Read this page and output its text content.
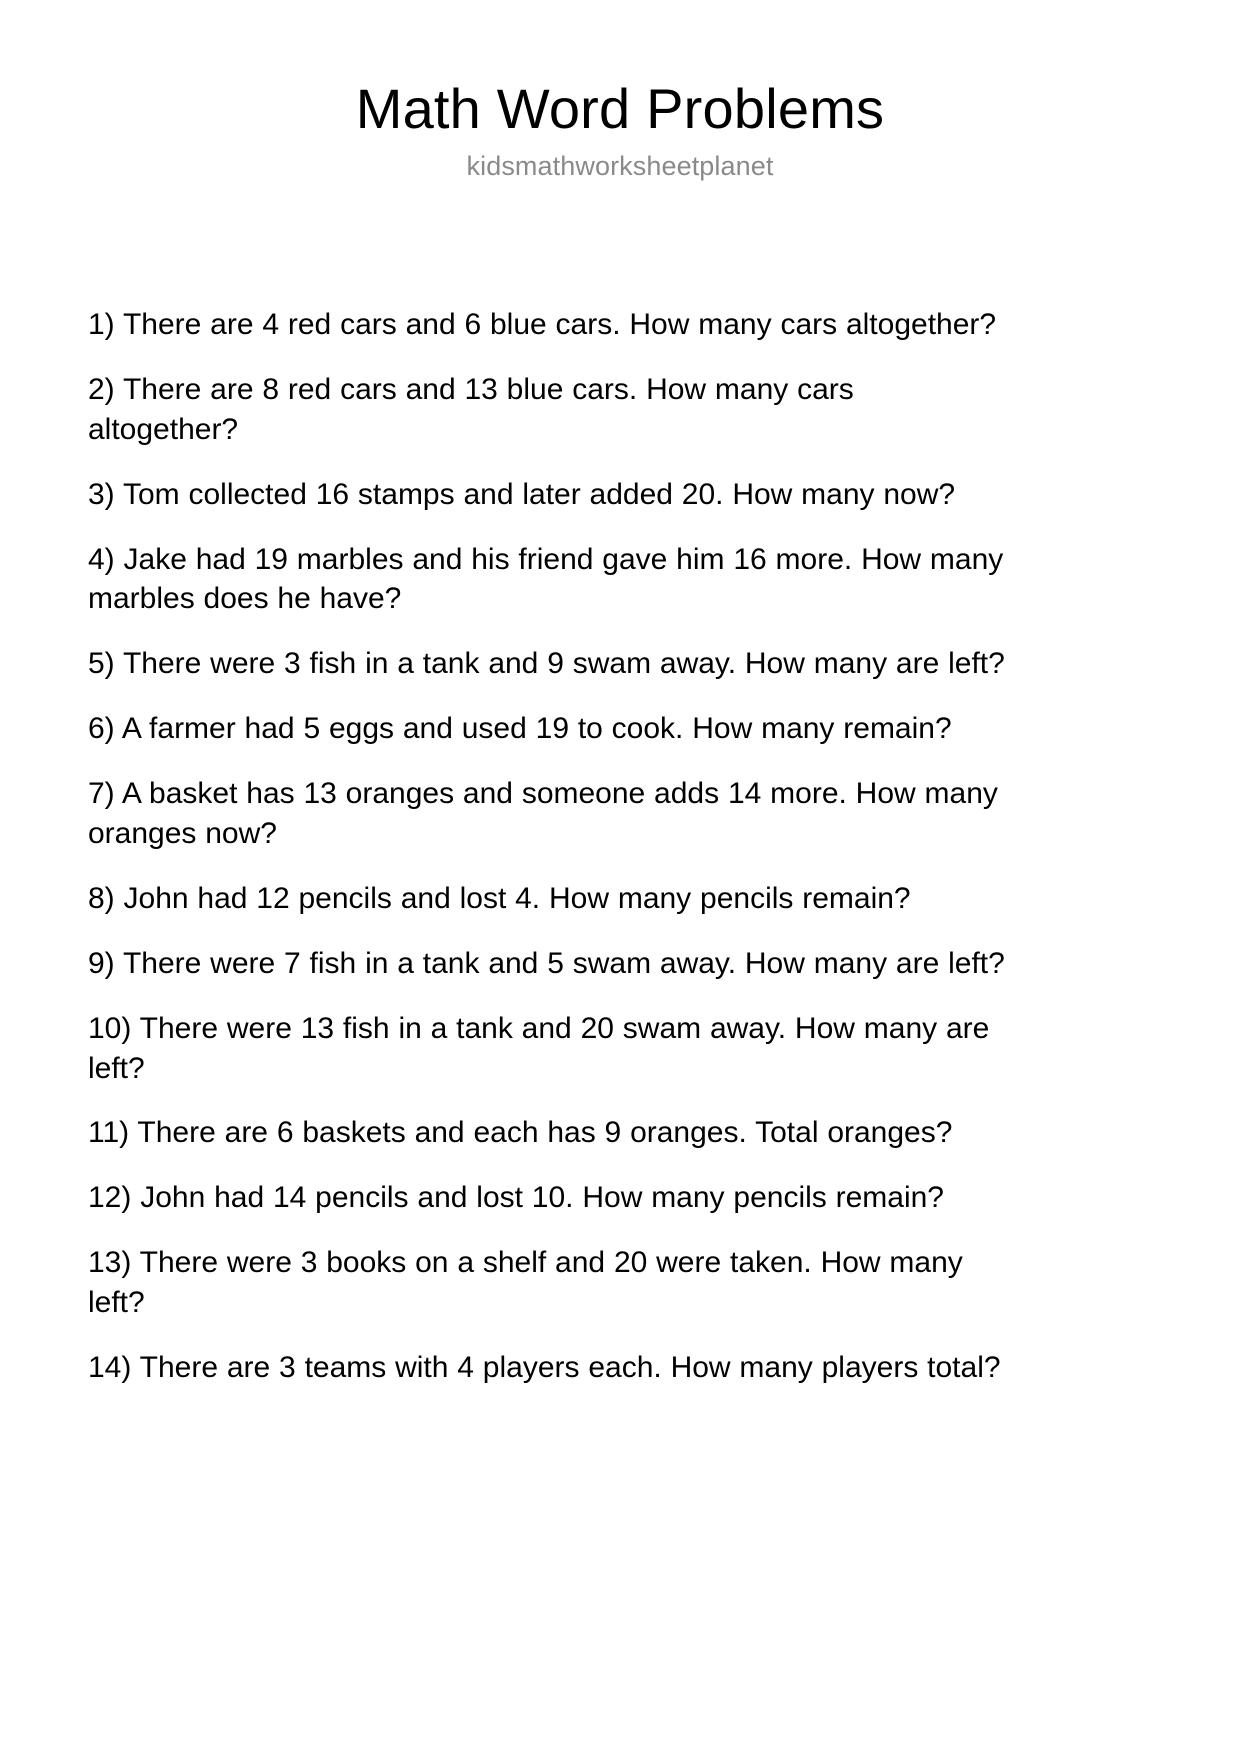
Math Word Problems

kidsmathworksheetplanet

1) There are 4 red cars and 6 blue cars. How many cars altogether?
2) There are 8 red cars and 13 blue cars. How many cars altogether?
3) Tom collected 16 stamps and later added 20. How many now?
4) Jake had 19 marbles and his friend gave him 16 more. How many marbles does he have?
5) There were 3 fish in a tank and 9 swam away. How many are left?
6) A farmer had 5 eggs and used 19 to cook. How many remain?
7) A basket has 13 oranges and someone adds 14 more. How many oranges now?
8) John had 12 pencils and lost 4. How many pencils remain?
9) There were 7 fish in a tank and 5 swam away. How many are left?
10) There were 13 fish in a tank and 20 swam away. How many are left?
11) There are 6 baskets and each has 9 oranges. Total oranges?
12) John had 14 pencils and lost 10. How many pencils remain?
13) There were 3 books on a shelf and 20 were taken. How many left?
14) There are 3 teams with 4 players each. How many players total?
